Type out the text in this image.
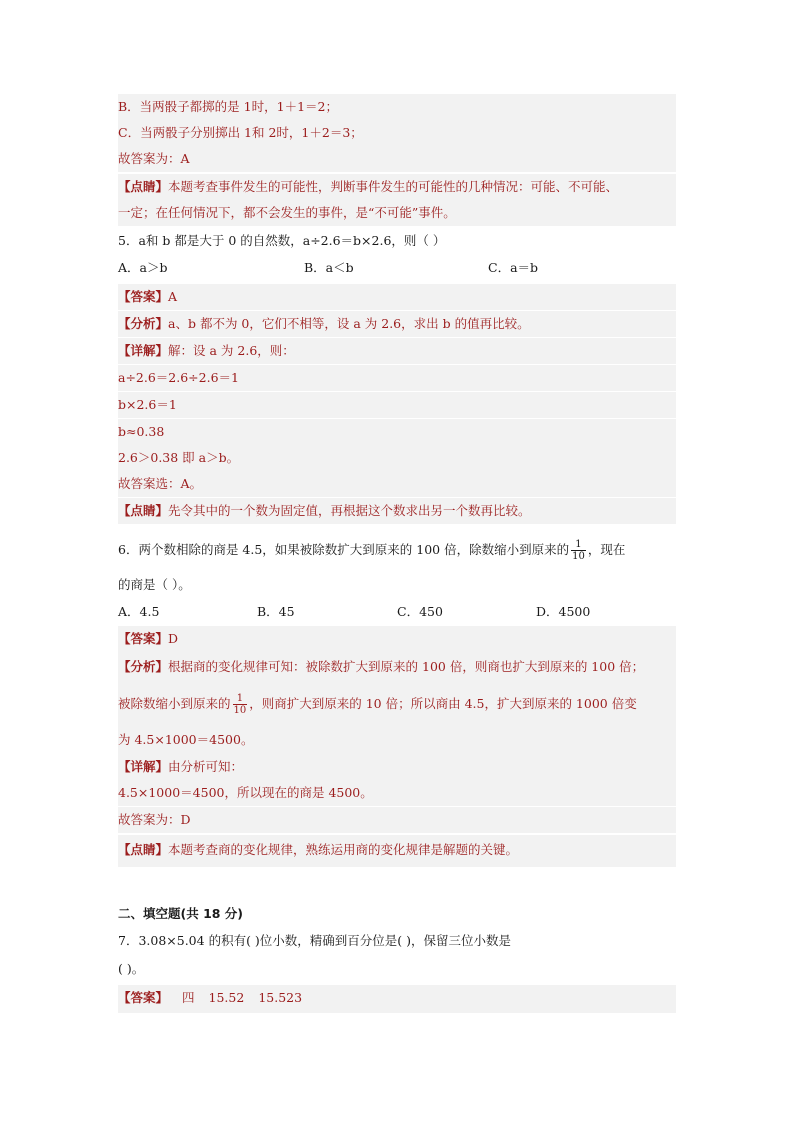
B．当两骰子都掷的是 1时，1＋1＝2；
C．当两骰子分别掷出 1和 2时，1＋2＝3；
故答案为：A
【点睛】本题考查事件发生的可能性，判断事件发生的可能性的几种情况：可能、不可能、
一定；在任何情况下，都不会发生的事件，是“不可能”事件。
5．a和 b 都是大于 0 的自然数，a÷2.6＝b×2.6，则（ ）
A．a＞b	B．a＜b	C．a＝b
【答案】A
【分析】a、b 都不为 0，它们不相等，设 a 为 2.6，求出 b 的值再比较。
【详解】解：设 a 为 2.6，则：
a÷2.6＝2.6÷2.6＝1
b×2.6＝1
b≈0.38
2.6＞0.38 即 a＞b。
故答案选：A。
【点睛】先令其中的一个数为固定值，再根据这个数求出另一个数再比较。
6．两个数相除的商是 4.5，如果被除数扩大到原来的 100 倍，除数缩小到原来的 $\frac{1}{10}$ ，现在
的商是（ ）。
A．4.5	B．45	C．450	D．4500
【答案】D
【分析】根据商的变化规律可知：被除数扩大到原来的 100 倍，则商也扩大到原来的 100 倍；
被除数缩小到原来的 $\frac{1}{10}$ ，则商扩大到原来的 10 倍；所以商由 4.5，扩大到原来的 1000 倍变
为 4.5×1000＝4500。
【详解】由分析可知：
4.5×1000＝4500，所以现在的商是 4500。
故答案为：D
【点睛】本题考查商的变化规律，熟练运用商的变化规律是解题的关键。
二、填空题(共 18 分)
7．3.08×5.04 的积有( )位小数，精确到百分位是( )，保留三位小数是
( )。
【答案】 四 15.52 15.523
